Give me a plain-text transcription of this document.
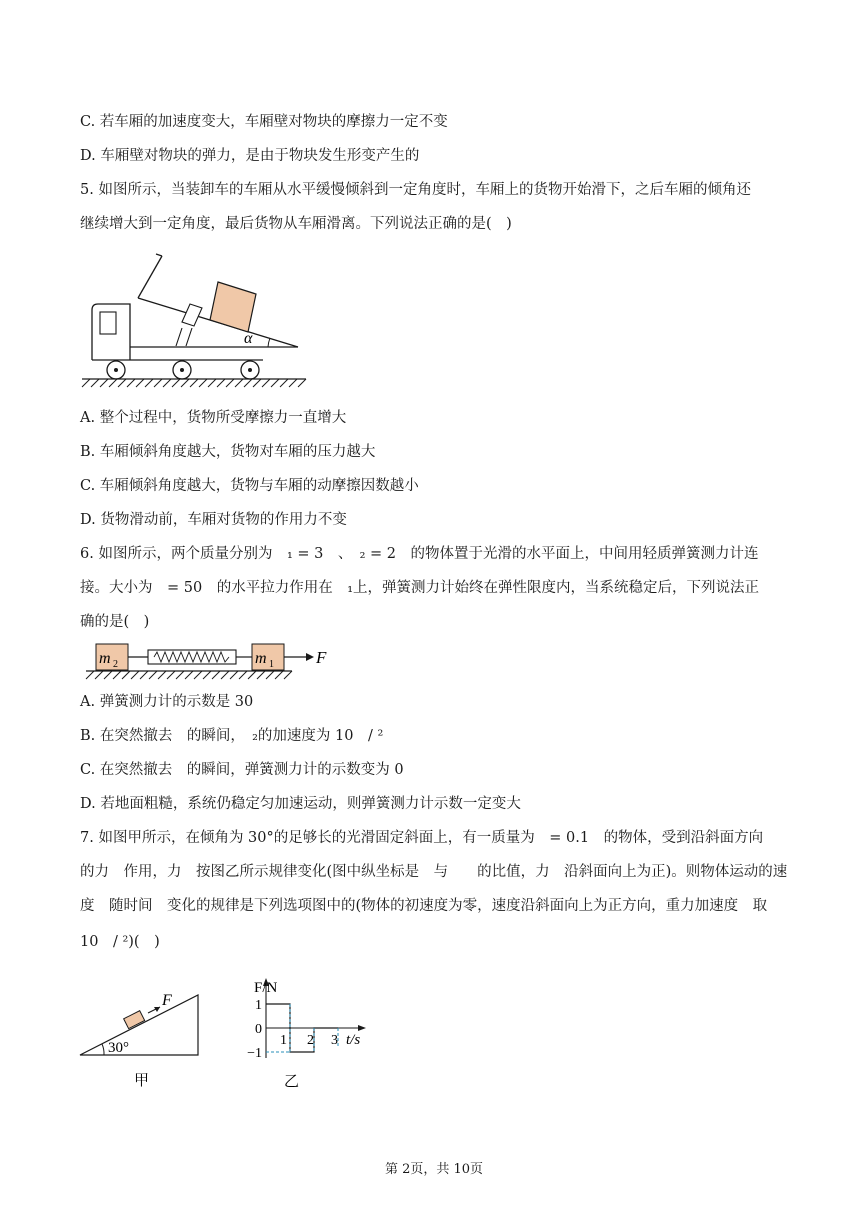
C. 若车厢的加速度变大，车厢壁对物块的摩擦力一定不变
D. 车厢壁对物块的弹力，是由于物块发生形变产生的
5. 如图所示，当装卸车的车厢从水平缓慢倾斜到一定角度时，车厢上的货物开始滑下，之后车厢的倾角还
继续增大到一定角度，最后货物从车厢滑离。下列说法正确的是(　)
α
A. 整个过程中，货物所受摩擦力一直增大
B. 车厢倾斜角度越大，货物对车厢的压力越大
C. 车厢倾斜角度越大，货物与车厢的动摩擦因数越小
D. 货物滑动前，车厢对货物的作用力不变
6. 如图所示，两个质量分别为　₁ = 3　、　₂ = 2　的物体置于光滑的水平面上，中间用轻质弹簧测力计连
接。大小为　= 50　的水平拉力作用在　₁上，弹簧测力计始终在弹性限度内，当系统稳定后，下列说法正
确的是(　)
m 2	m 1 F
A. 弹簧测力计的示数是 30
B. 在突然撤去　的瞬间，　₂的加速度为 10　/ ²
C. 在突然撤去　的瞬间，弹簧测力计的示数变为 0
D. 若地面粗糙，系统仍稳定匀加速运动，则弹簧测力计示数一定变大
7. 如图甲所示，在倾角为 30°的足够长的光滑固定斜面上，有一质量为　= 0.1　的物体，受到沿斜面方向
的力　作用，力　按图乙所示规律变化(图中纵坐标是　与　　的比值，力　沿斜面向上为正)。则物体运动的速
度　随时间　变化的规律是下列选项图中的(物体的初速度为零，速度沿斜面向上为正方向，重力加速度　取
10　/ ²)(　)
F
30°
甲
1
0
−1
1 2 3
F/N
t/s
乙
第 2页，共 10页
